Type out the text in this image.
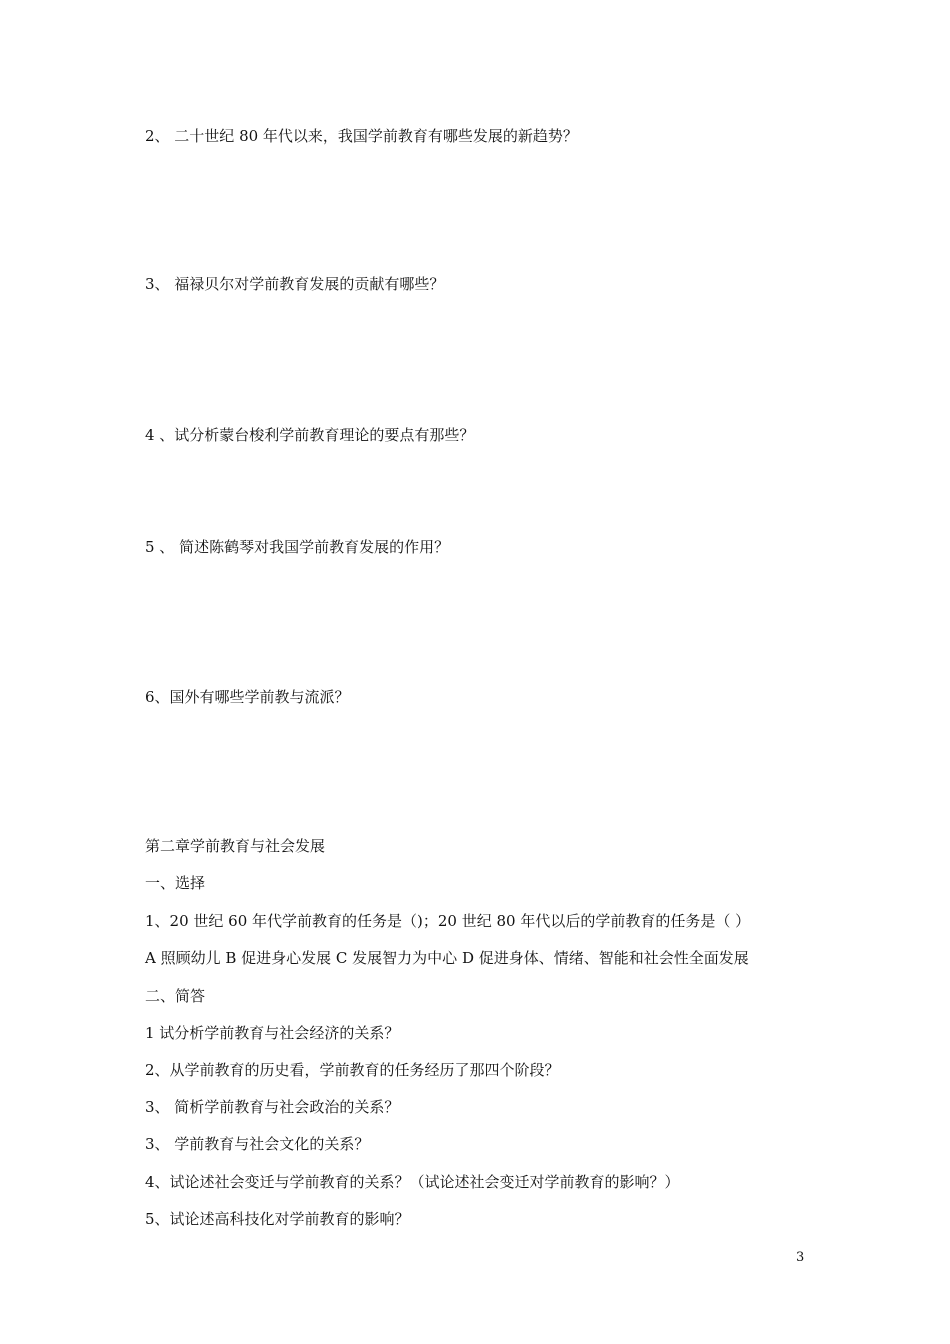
2、 二十世纪 80 年代以来，我国学前教育有哪些发展的新趋势？
3、 福禄贝尔对学前教育发展的贡献有哪些？
4 、试分析蒙台梭利学前教育理论的要点有那些？
5 、 简述陈鹤琴对我国学前教育发展的作用？
6、国外有哪些学前教与流派？
第二章学前教育与社会发展
一、选择
1、20 世纪 60 年代学前教育的任务是（)；20 世纪 80 年代以后的学前教育的任务是（ ）
A 照顾幼儿 B 促进身心发展 C 发展智力为中心 D 促进身体、情绪、智能和社会性全面发展
二、简答
1 试分析学前教育与社会经济的关系？
2、从学前教育的历史看，学前教育的任务经历了那四个阶段？
3、 简析学前教育与社会政治的关系？
3、 学前教育与社会文化的关系？
4、试论述社会变迁与学前教育的关系？（试论述社会变迁对学前教育的影响？）
5、试论述高科技化对学前教育的影响？
3
